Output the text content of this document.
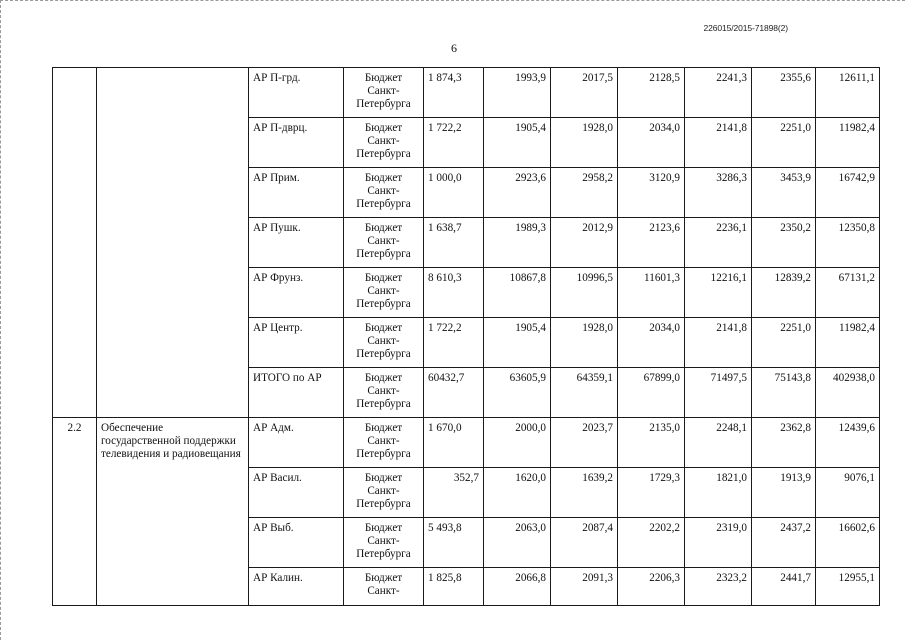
226015/2015-71898(2)
6
		АР П-грд.	Бюджет Санкт-Петербурга	1 874,3	1993,9	2017,5	2128,5	2241,3	2355,6	12611,1
		АР П-дврц.	Бюджет Санкт-Петербурга	1 722,2	1905,4	1928,0	2034,0	2141,8	2251,0	11982,4
		АР Прим.	Бюджет Санкт-Петербурга	1 000,0	2923,6	2958,2	3120,9	3286,3	3453,9	16742,9
		АР Пушк.	Бюджет Санкт-Петербурга	1 638,7	1989,3	2012,9	2123,6	2236,1	2350,2	12350,8
		АР Фрунз.	Бюджет Санкт-Петербурга	8 610,3	10867,8	10996,5	11601,3	12216,1	12839,2	67131,2
		АР Центр.	Бюджет Санкт-Петербурга	1 722,2	1905,4	1928,0	2034,0	2141,8	2251,0	11982,4
		ИТОГО по АР	Бюджет Санкт-Петербурга	60432,7	63605,9	64359,1	67899,0	71497,5	75143,8	402938,0
2.2	Обеспечение государственной поддержки телевидения и радиовещания	АР Адм.	Бюджет Санкт-Петербурга	1 670,0	2000,0	2023,7	2135,0	2248,1	2362,8	12439,6
		АР Васил.	Бюджет Санкт-Петербурга	352,7	1620,0	1639,2	1729,3	1821,0	1913,9	9076,1
		АР Выб.	Бюджет Санкт-Петербурга	5 493,8	2063,0	2087,4	2202,2	2319,0	2437,2	16602,6
		АР Калин.	Бюджет Санкт-	1 825,8	2066,8	2091,3	2206,3	2323,2	2441,7	12955,1
